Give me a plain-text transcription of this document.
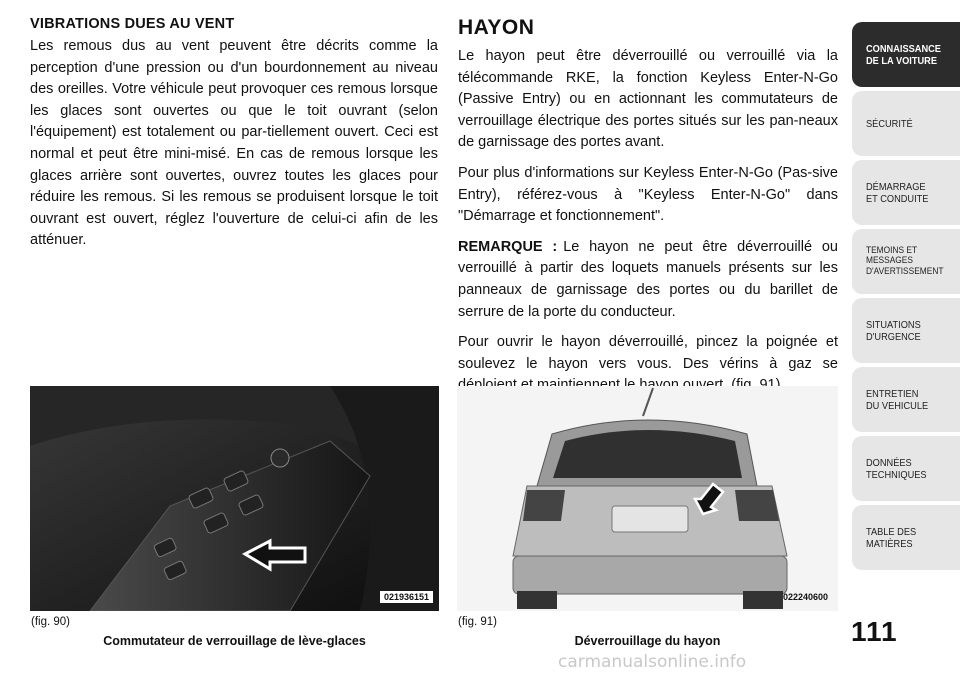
VIBRATIONS DUES AU VENT

Les remous dus au vent peuvent être décrits comme la perception d'une pression ou d'un bourdonnement au niveau des oreilles. Votre véhicule peut provoquer ces remous lorsque les glaces sont ouvertes ou que le toit ouvrant (selon l'équipement) est totalement ou par-tiellement ouvert. Ceci est normal et peut être mini-misé. En cas de remous lorsque les glaces arrière sont ouvertes, ouvrez toutes les glaces pour réduire les remous. Si les remous se produisent lorsque le toit ouvrant est ouvert, réglez l'ouverture de celui-ci afin de les atténuer.

HAYON

Le hayon peut être déverrouillé ou verrouillé via la télécommande RKE, la fonction Keyless Enter-N-Go (Passive Entry) ou en actionnant les commutateurs de verrouillage électrique des portes situés sur les pan-neaux de garnissage des portes avant.

Pour plus d'informations sur Keyless Enter-N-Go (Pas-sive Entry), référez-vous à "Keyless Enter-N-Go" dans "Démarrage et fonctionnement".

REMARQUE : Le hayon ne peut être déverrouillé ou verrouillé à partir des loquets manuels présents sur les panneaux de garnissage des portes ou du barillet de serrure de la porte du conducteur.

Pour ouvrir le hayon déverrouillé, pincez la poignée et soulevez le hayon vers vous. Des vérins à gaz se

021936151	022240600
(fig. 90)
Commutateur de verrouillage de lève-glaces
(fig. 91)
Déverrouillage du hayon	111
CONNAISSANCE
DE LA VOITURE
SÉCURITÉ
DÉMARRAGE
ET CONDUITE
TEMOINS ET
MESSAGES
D'AVERTISSEMENT
SITUATIONS
D'URGENCE
ENTRETIEN
DU VEHICULE
DONNÉES
TECHNIQUES
TABLE DES
MATIÈRES
carmanualsonline.info
